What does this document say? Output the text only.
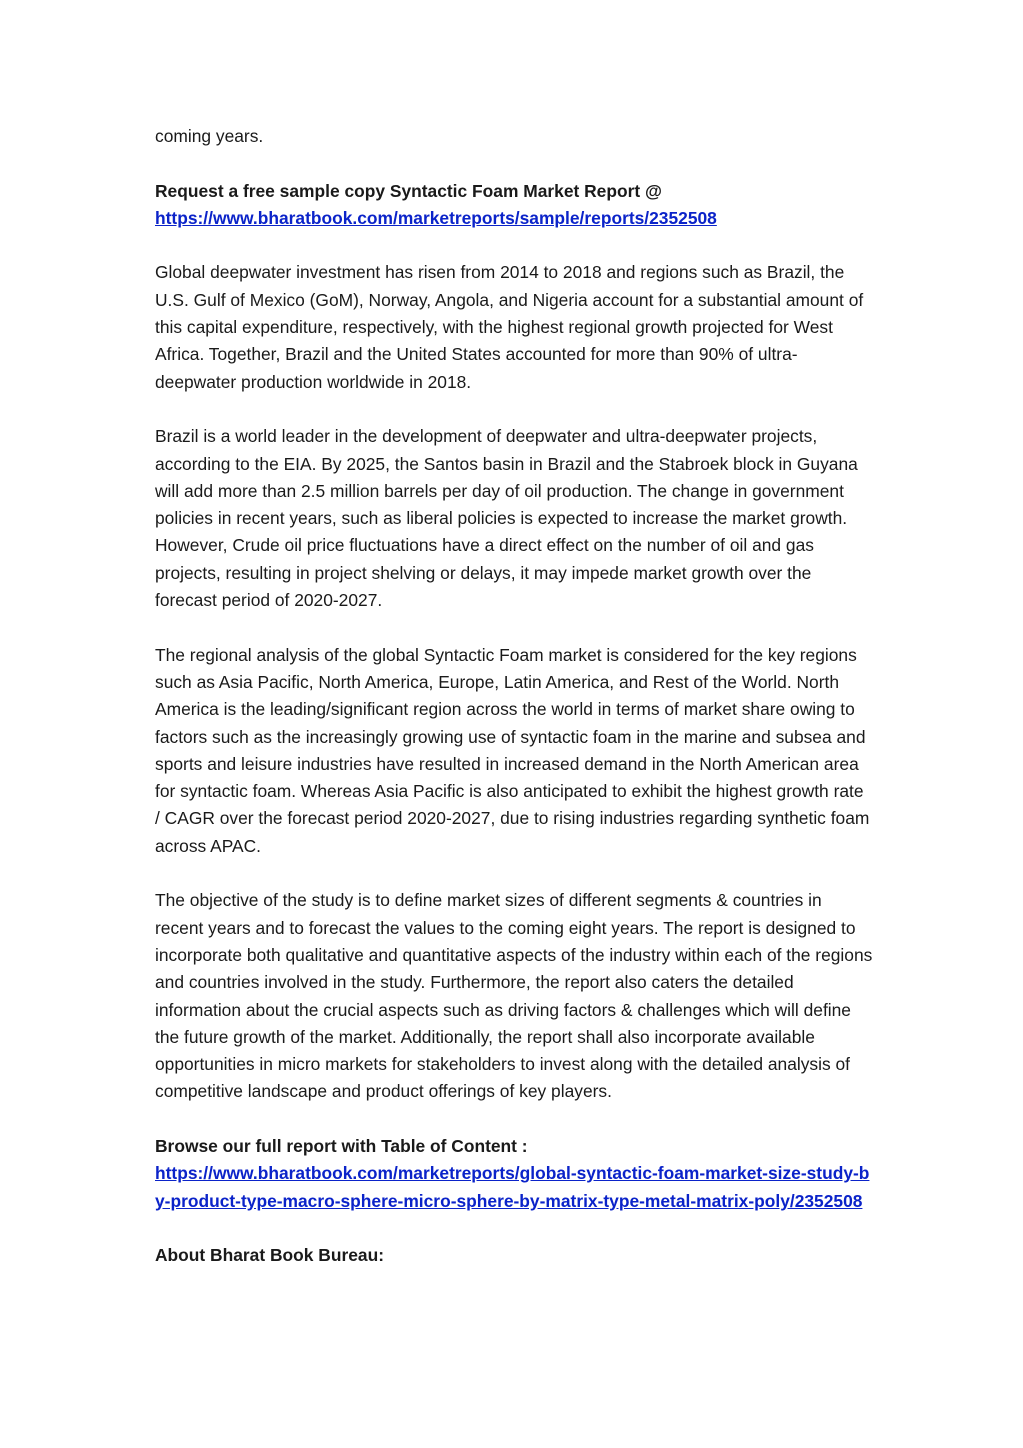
coming years.

Request a free sample copy Syntactic Foam Market Report @
https://www.bharatbook.com/marketreports/sample/reports/2352508

Global deepwater investment has risen from 2014 to 2018 and regions such as Brazil, the U.S. Gulf of Mexico (GoM), Norway, Angola, and Nigeria account for a substantial amount of this capital expenditure, respectively, with the highest regional growth projected for West Africa. Together, Brazil and the United States accounted for more than 90% of ultra-deepwater production worldwide in 2018.

Brazil is a world leader in the development of deepwater and ultra-deepwater projects, according to the EIA. By 2025, the Santos basin in Brazil and the Stabroek block in Guyana will add more than 2.5 million barrels per day of oil production. The change in government policies in recent years, such as liberal policies is expected to increase the market growth. However, Crude oil price fluctuations have a direct effect on the number of oil and gas projects, resulting in project shelving or delays, it may impede market growth over the forecast period of 2020-2027.

The regional analysis of the global Syntactic Foam market is considered for the key regions such as Asia Pacific, North America, Europe, Latin America, and Rest of the World. North America is the leading/significant region across the world in terms of market share owing to factors such as the increasingly growing use of syntactic foam in the marine and subsea and sports and leisure industries have resulted in increased demand in the North American area for syntactic foam. Whereas Asia Pacific is also anticipated to exhibit the highest growth rate / CAGR over the forecast period 2020-2027, due to rising industries regarding synthetic foam across APAC.

The objective of the study is to define market sizes of different segments & countries in recent years and to forecast the values to the coming eight years. The report is designed to incorporate both qualitative and quantitative aspects of the industry within each of the regions and countries involved in the study. Furthermore, the report also caters the detailed information about the crucial aspects such as driving factors & challenges which will define the future growth of the market. Additionally, the report shall also incorporate available opportunities in micro markets for stakeholders to invest along with the detailed analysis of competitive landscape and product offerings of key players.

Browse our full report with Table of Content :
https://www.bharatbook.com/marketreports/global-syntactic-foam-market-size-study-by-product-type-macro-sphere-micro-sphere-by-matrix-type-metal-matrix-poly/2352508

About Bharat Book Bureau:
